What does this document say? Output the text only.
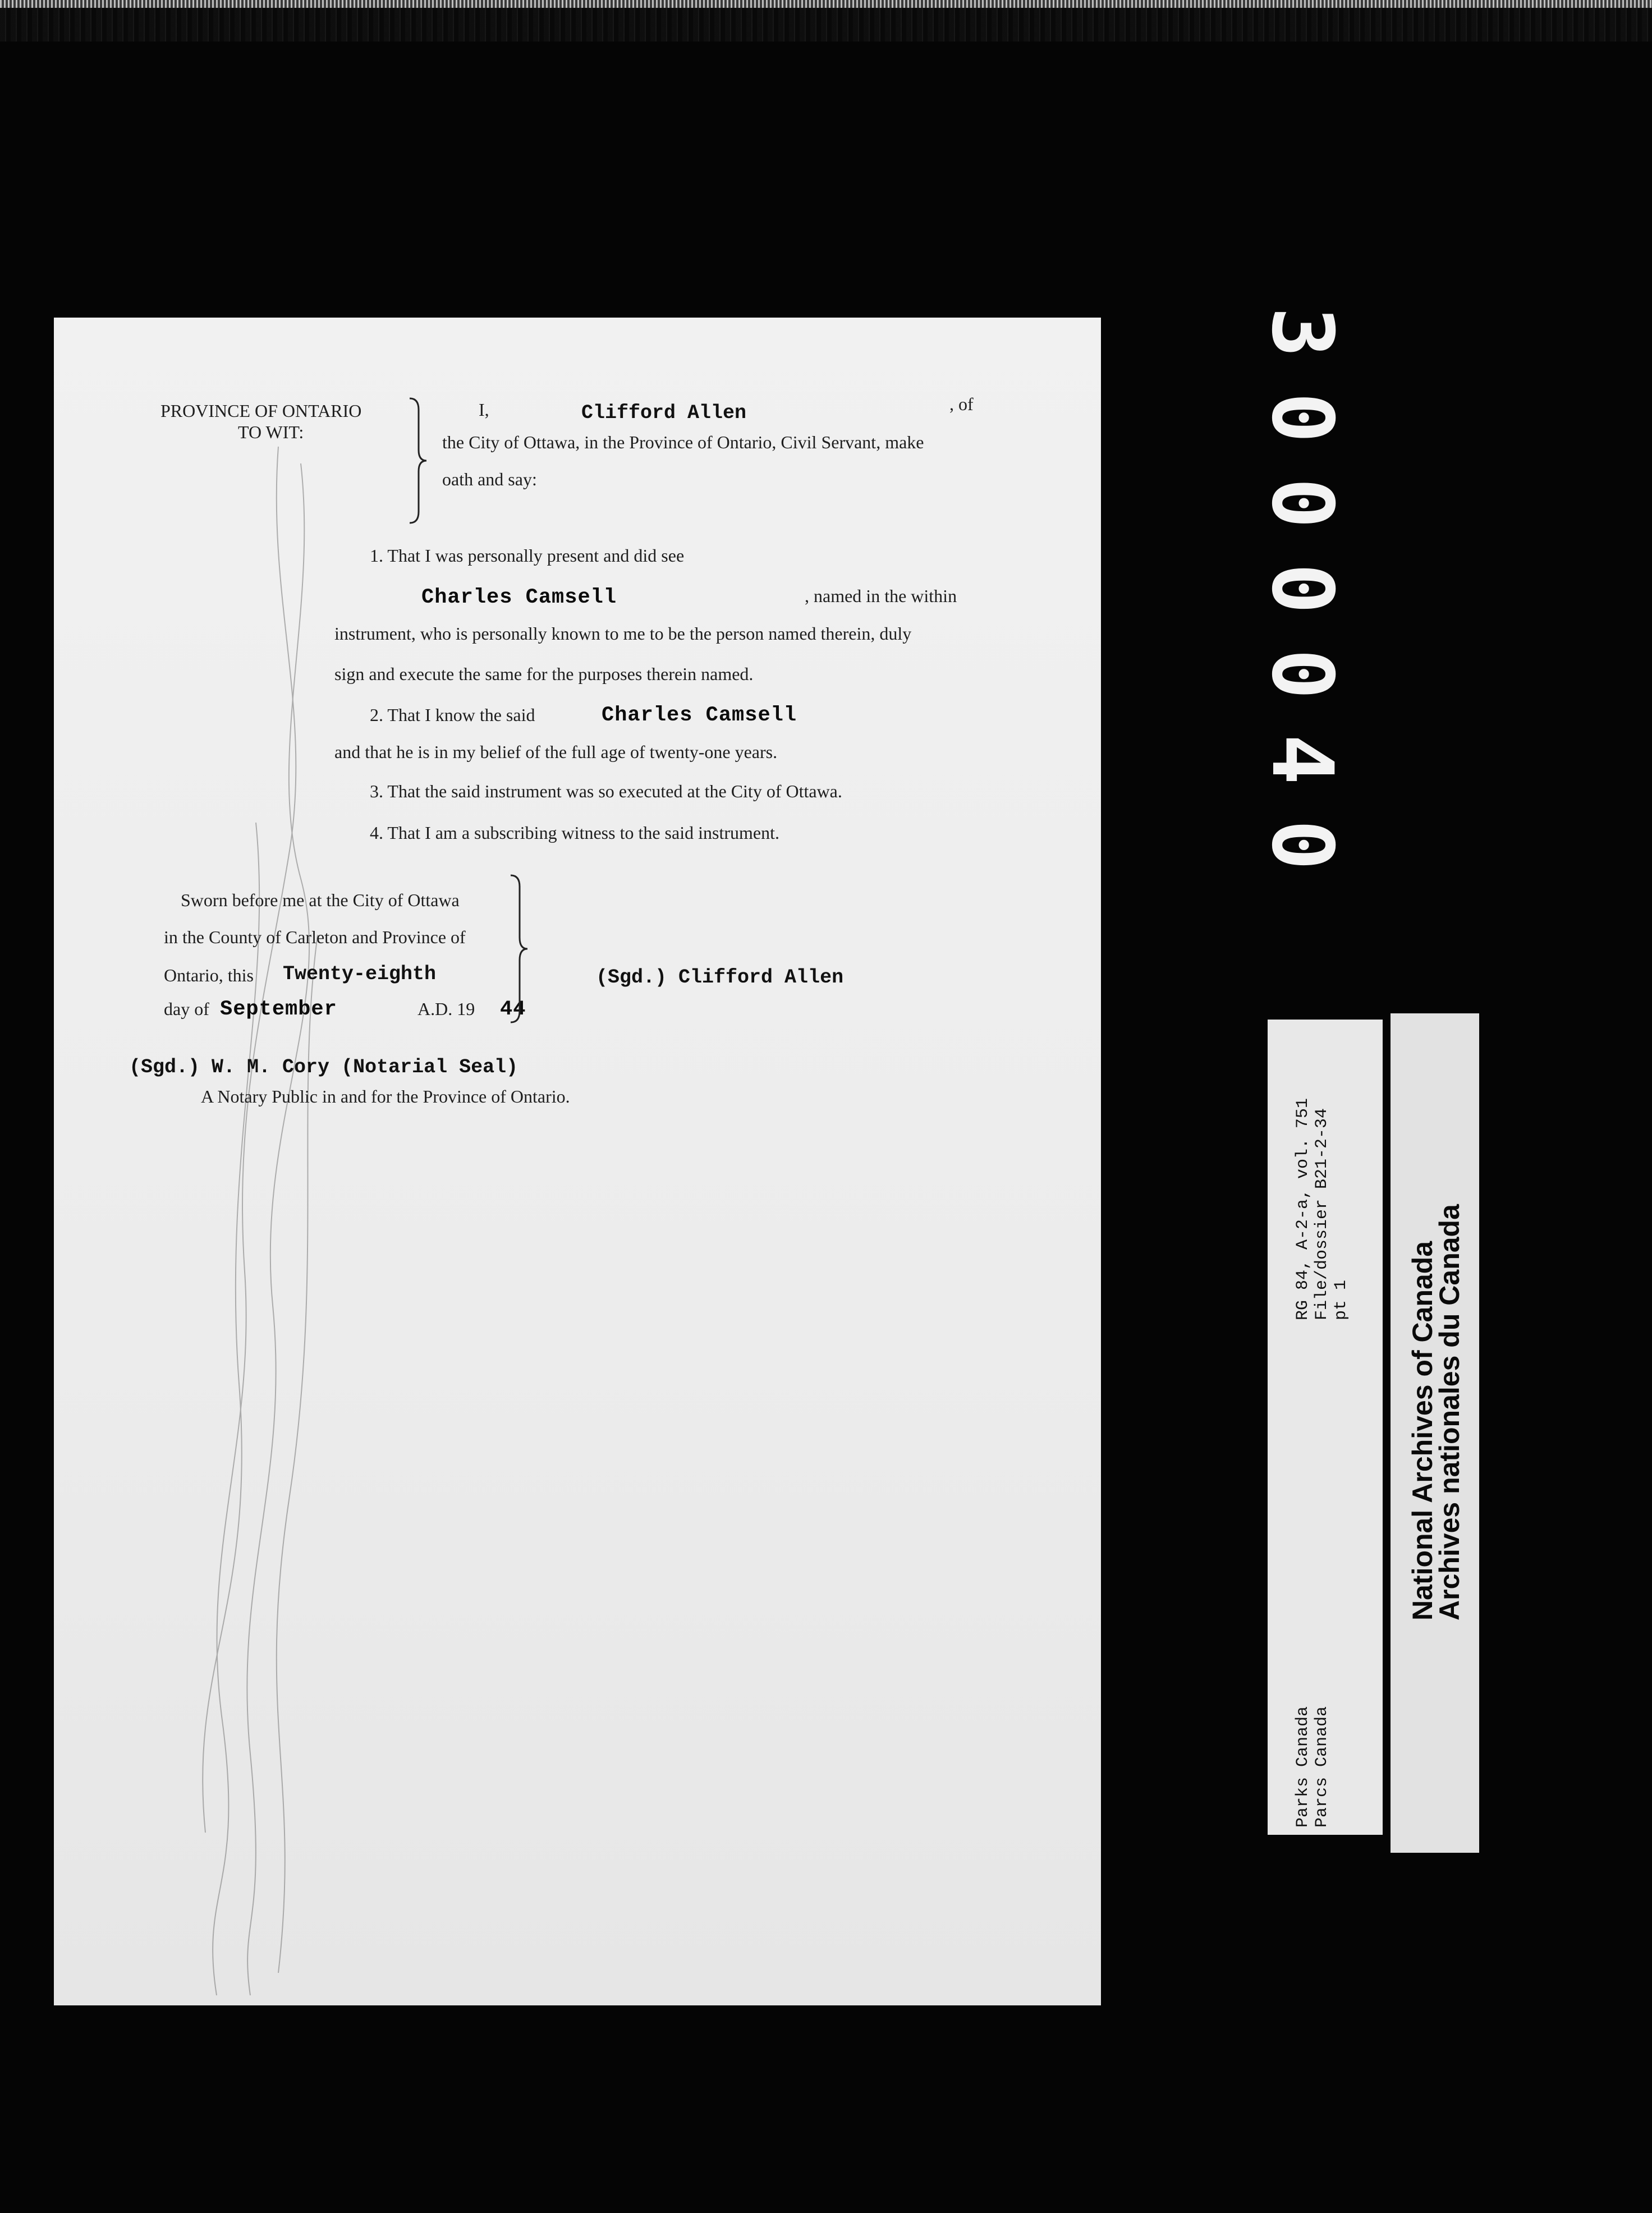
PROVINCE OF ONTARIO
TO WIT:
I,	Clifford Allen	, of
the City of Ottawa, in the Province of Ontario, Civil Servant, make
oath and say:
1. That I was personally present and did see
Charles Camsell	, named in the within
instrument, who is personally known to me to be the person named therein, duly
sign and execute the same for the purposes therein named.
2. That I know the said	Charles Camsell
and that he is in my belief of the full age of twenty-one years.
3. That the said instrument was so executed at the City of Ottawa.
4. That I am a subscribing witness to the said instrument.
Sworn before me at the City of Ottawa
in the County of Carleton and Province of
Ontario, this Twenty-eighth
day of September	A.D. 19 44
(Sgd.) Clifford Allen
(Sgd.) W. M. Cory (Notarial Seal)
A Notary Public in and for the Province of Ontario.
3000040
RG 84, A-2-a, vol. 751 File/dossier B21-2-34 pt 1
Parks Canada Parcs Canada
National Archives of Canada
Archives nationales du Canada
